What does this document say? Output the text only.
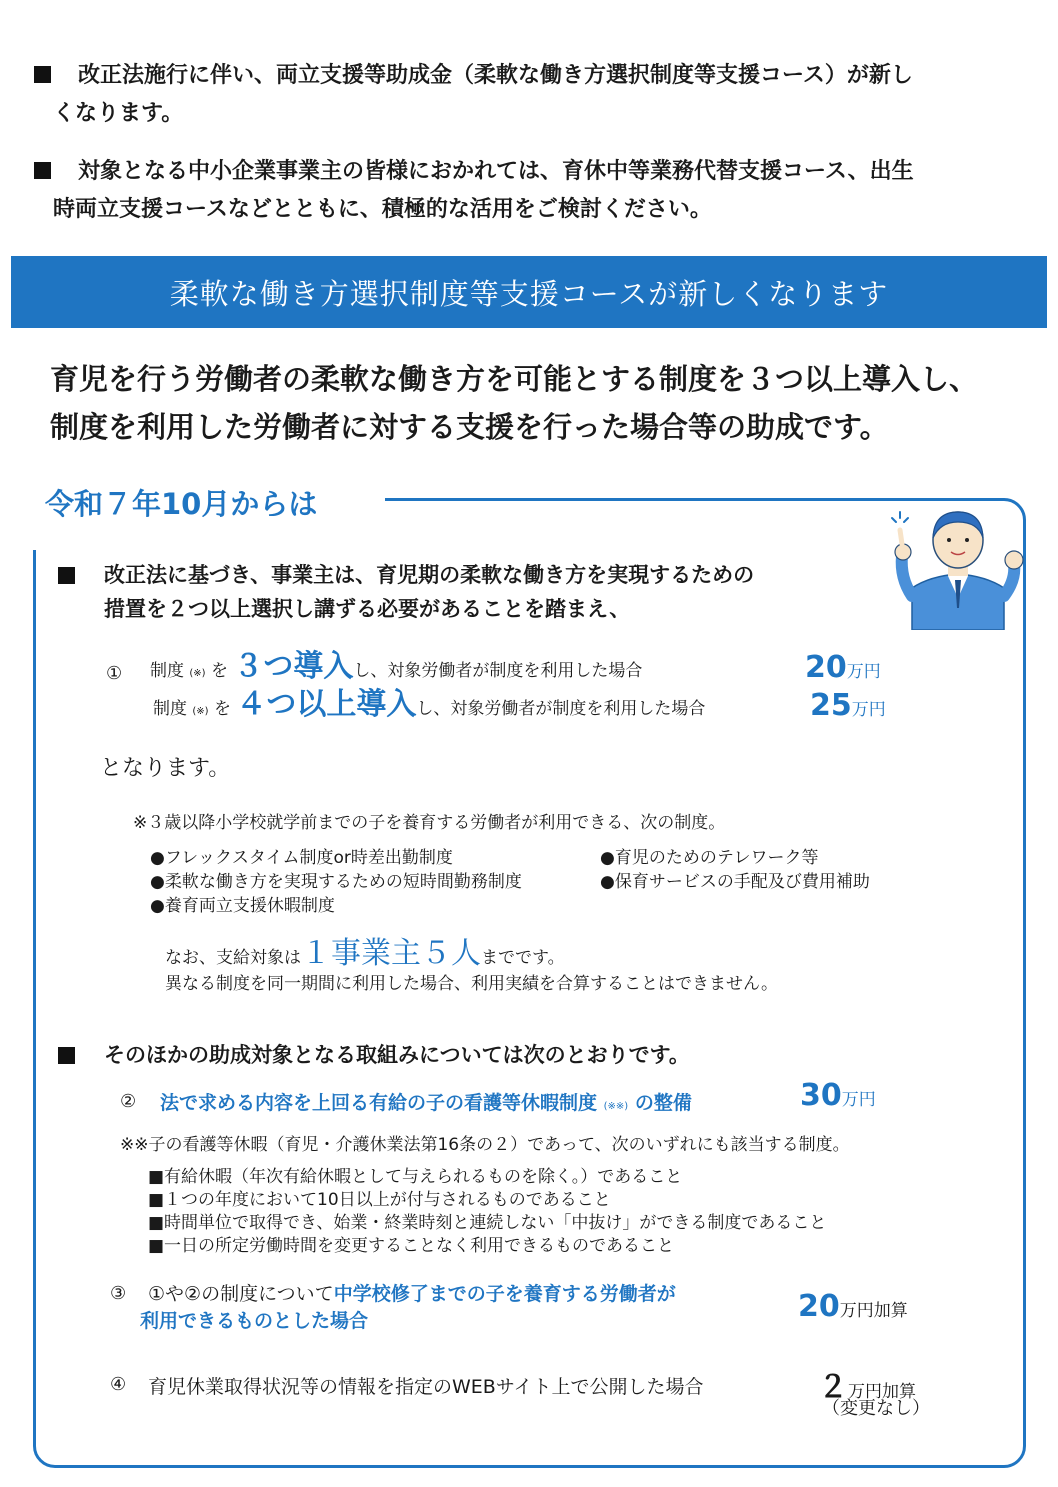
改正法施行に伴い、両立支援等助成金（柔軟な働き方選択制度等支援コース）が新し
くなります。
対象となる中小企業事業主の皆様におかれては、育休中等業務代替支援コース、出生
時両立支援コースなどとともに、積極的な活用をご検討ください。
柔軟な働き方選択制度等支援コースが新しくなります
育児を行う労働者の柔軟な働き方を可能とする制度を３つ以上導入し、
制度を利用した労働者に対する支援を行った場合等の助成です。
令和７年10月からは
改正法に基づき、事業主は、育児期の柔軟な働き方を実現するための
措置を２つ以上選択し講ずる必要があることを踏まえ、
① 制度 (※) を ３つ導入し、対象労働者が制度を利用した場合	20万円
制度 (※) を ４つ以上導入し、対象労働者が制度を利用した場合	25万円
となります。
※３歳以降小学校就学前までの子を養育する労働者が利用できる、次の制度。
●フレックスタイム制度or時差出勤制度
●柔軟な働き方を実現するための短時間勤務制度
●養育両立支援休暇制度
●育児のためのテレワーク等
●保育サービスの手配及び費用補助
なお、支給対象は１事業主５人までです。
異なる制度を同一期間に利用した場合、利用実績を合算することはできません。
そのほかの助成対象となる取組みについては次のとおりです。
② 法で求める内容を上回る有給の子の看護等休暇制度 (※※) の整備	30万円
※※子の看護等休暇（育児・介護休業法第16条の２）であって、次のいずれにも該当する制度。
■有給休暇（年次有給休暇として与えられるものを除く。）であること
■１つの年度において10日以上が付与されるものであること
■時間単位で取得でき、始業・終業時刻と連続しない「中抜け」ができる制度であること
■一日の所定労働時間を変更することなく利用できるものであること
③	①や②の制度について中学校修了までの子を養育する労働者が
利用できるものとした場合	20万円加算
④ 育児休業取得状況等の情報を指定のWEBサイト上で公開した場合	２万円加算
（変更なし）
